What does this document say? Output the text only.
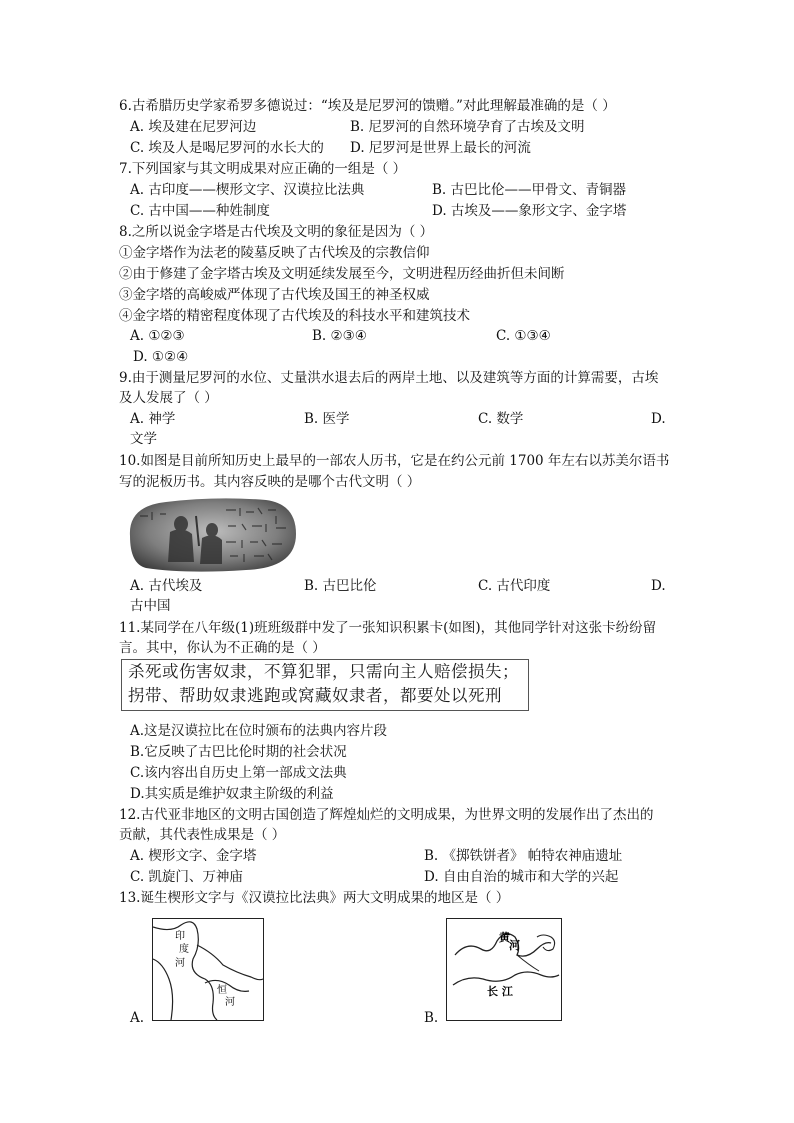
6.古希腊历史学家希罗多德说过：“埃及是尼罗河的馈赠。”对此理解最准确的是（ ）
A. 埃及建在尼罗河边	B. 尼罗河的自然环境孕育了古埃及文明
C. 埃及人是喝尼罗河的水长大的 D. 尼罗河是世界上最长的河流
7.下列国家与其文明成果对应正确的一组是（ ）
A. 古印度——楔形文字、汉谟拉比法典	B. 古巴比伦——甲骨文、青铜器
C. 古中国——种姓制度	D. 古埃及——象形文字、金字塔
8.之所以说金字塔是古代埃及文明的象征是因为（ ）
①金字塔作为法老的陵墓反映了古代埃及的宗教信仰
②由于修建了金字塔古埃及文明延续发展至今，文明进程历经曲折但未间断
③金字塔的高峻威严体现了古代埃及国王的神圣权威
④金字塔的精密程度体现了古代埃及的科技水平和建筑技术
A. ①②③	B. ②③④	C. ①③④
D. ①②④
9.由于测量尼罗河的水位、丈量洪水退去后的两岸土地、以及建筑等方面的计算需要，古埃
及人发展了（ ）
A. 神学	B. 医学	C. 数学	D.
文学
10.如图是目前所知历史上最早的一部农人历书，它是在约公元前 1700 年左右以苏美尔语书
写的泥板历书。其内容反映的是哪个古代文明（ ）
A. 古代埃及	B. 古巴比伦	C. 古代印度	D.
古中国
11.某同学在八年级(1)班班级群中发了一张知识积累卡(如图)，其他同学针对这张卡纷纷留
言。其中，你认为不正确的是（ ）
杀死或伤害奴隶，不算犯罪，只需向主人赔偿损失；
拐带、帮助奴隶逃跑或窝藏奴隶者，都要处以死刑
A.这是汉谟拉比在位时颁布的法典内容片段
B.它反映了古巴比伦时期的社会状况
C.该内容出自历史上第一部成文法典
D.其实质是维护奴隶主阶级的利益
12.古代亚非地区的文明古国创造了辉煌灿烂的文明成果，为世界文明的发展作出了杰出的
贡献，其代表性成果是（ ）
A. 楔形文字、金字塔	B. 《掷铁饼者》 帕特农神庙遗址
C. 凯旋门、万神庙	D. 自由自治的城市和大学的兴起
13.诞生楔形文字与《汉谟拉比法典》两大文明成果的地区是（ ）
印
度
河
恒
河
A.
黄
河
长 江
B.
